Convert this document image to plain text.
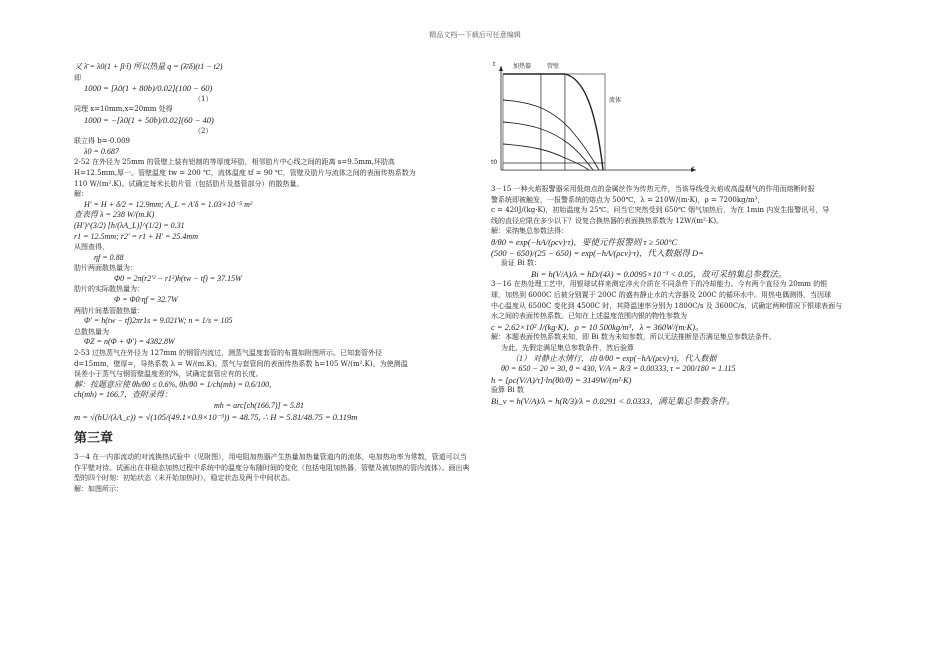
精品文档---下载后可任意编辑
又 λ̄ = λ0(1 + β·t̄) 所以热量 q = (λ̄/δ)(t1 − t2)
即
1000 = [λ0(1 + 80b)/0.02](100 − 60)
（1）
同理 x=10mm,x=20mm 处得
1000 = −[λ0(1 + 50b)/0.02](60 − 40)
（2）
联立得 b=-0.009
λ0 = 0.687
2-52 在外径为 25mm 的管壁上装有铝制的等厚度环肋，相邻肋片中心线之间的距离 s=9.5mm,环肋高
H=12.5mm,厚一。管壁温度 tw = 200 ℃，流体温度 tf = 90 ℃，管壁及肋片与流体之间的表面传热系数为
110 W/(m².K)。试确定每米长肋片管（包括肋片及基管部分）的散热量。
解：
H′ = H + δ/2 = 12.9mm; A_L = A′δ = 1.03×10⁻⁵ m²
查表得 λ = 238 W/(m.K)
(H′)^(3/2) [h/(λA_L)]^(1/2) = 0.31
r1 = 12.5mm; r2′ = r1 + H′ = 25.4mm
从图查得，
ηf = 0.88
肋片两面散热量为：
Φ0 = 2π(r2′² − r1²)h(tw − tf) = 37.15W
肋片的实际散热量为：
Φ = Φ0·ηf = 32.7W
两肋片间基管散热量：
Φ′ = h(tw − tf)2πr1s = 9.021W; n = 1/s = 105
总散热量为
ΦZ = n(Φ + Φ′) = 4382.8W
2-53 过热蒸气在外径为 127mm 的钢管内流过，测蒸气温度套管的布置如附图所示。已知套管外径
d=15mm，壁厚=，导热系数 λ = W/(m.K)。蒸气与套管间的表面传热系数 h=105 W/(m².K)。为使测温
误差小于蒸气与钢管壁温度差的%，试确定套管应有的长度。
解：按题意应使 θh/θ0 ≤ 0.6%, θh/θ0 = 1/ch(mh) = 0.6/100,
ch(mh) = 166.7，查附录得：
mh = arc[ch(166.7)] = 5.81
m = √(hU/(λA_c)) = √(105/(49.1×0.9×10⁻³)) = 48.75, ∴ H = 5.81/48.75 = 0.119m
第三章
3－4 在一内部流动的对流换热试验中（见附图），用电阻加热器产生热量加热量管道内的流体，电加热功率为常数，管道可以当作平壁对待。试画出在非稳态加热过程中系统中的温度分布随时间的变化（包括电阻加热器，管壁及被加热的管内流体）。画出典型的四个时刻：初始状态（未开始加热时），稳定状态及两个中间状态。
解：如图所示：
加热器	管壁
流体
t0
x
t
3－15 一种火焰报警器采用低熔点的金属丝作为传热元件，当该导线受火焰或高温烟气的作用而熔断时报
警系统即被触发，一报警系统的熔点为 500℃，λ = 210W/(m·K)，ρ = 7200kg/m³，
c = 420J/(kg·K)，初始温度为 25℃。问当它突然受到 650℃ 烟气加热后，为在 1min 内发生报警讯号，导
线的直径应限在多少以下？设复合换热器的表面换热系数为 12W/(m²·K)。
解：采纳集总参数法得：
θ/θ0 = exp(−hA/(ρcv)·τ)，要使元件报警则 τ ≥ 500°C
(500 − 650)/(25 − 650) = exp(−hA/(ρcv)·τ)，代入数据得 D=
验证 Bi 数：
Bi = h(V/A)/λ = hD/(4λ) = 0.0095×10⁻³ < 0.05，故可采纳集总参数法。
3－16 在热处理工艺中，用银球试样来测定淬火介质在不同条件下的冷却能力。今有两个直径为 20mm 的银
球，加热到 6000C 后被分别置于 200C 的盛有静止水的大容器及 200C 的循环水中。用热电偶测得，当因球
中心温度从 6500C 变化到 4500C 时，其降温速率分别为 1800C/s 及 3600C/s，试确定两种情况下银球表面与
水之间的表面传热系数。已知在上述温度范围内银的物性参数为
c = 2.62×10² J/(kg·K)，ρ = 10 500kg/m³，λ = 360W/(m·K)。
解：本题表面传热系数未知，即 Bi 数为未知参数，所以无法推断是否满足集总参数法条件。
为此，先假定满足集总参数条件，然后验算
（1） 对静止水情行，由 θ/θ0 = exp(−hA/(ρcv)·τ)，代入数据
θ0 = 650 − 20 = 30, θ = 430, V/A = R/3 = 0.00333, τ = 200/180 = 1.115
h = [ρc(V/A)/τ]·ln(θ0/θ) = 3149W/(m²·K)
验算 Bi 数
Bi_v = h(V/A)/λ = h(R/3)/λ = 0.0291 < 0.0333，满足集总参数条件。
